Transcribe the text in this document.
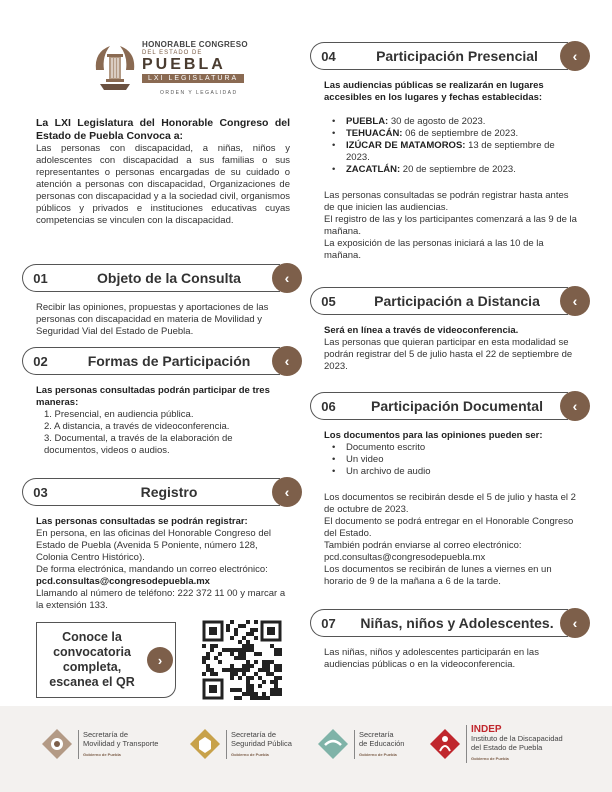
HONORABLE CONGRESO
DEL ESTADO DE
PUEBLA
LXI LEGISLATURA
ORDEN Y LEGALIDAD
La LXI Legislatura del Honorable Congreso del Estado de Puebla Convoca a:
Las personas con discapacidad, a niñas, niños y adolescentes con discapacidad a sus familias o sus representantes o personas encargadas de su cuidado o atención a personas con discapacidad, Organizaciones de personas con discapacidad y a la sociedad civil, organismos públicos y privados e instituciones educativas cuyas competencias se vinculen con la discapacidad.
01	Objeto de la Consulta	‹

Recibir las opiniones, propuestas y aportaciones de las personas con discapacidad en materia de Movilidad y Seguridad Vial del Estado de Puebla.

02	Formas de Participación	‹

Las personas consultadas podrán participar de tres maneras:

1. Presencial, en audiencia pública.
2. A distancia, a través de videoconferencia.
3. Documental, a través de la elaboración de documentos, videos o audios.
03	Registro	‹

Las personas consultadas se podrán registrar:

En persona, en las oficinas del Honorable Congreso del Estado de Puebla (Avenida 5 Poniente, número 128, Colonia Centro Histórico).

De forma electrónica, mandando un correo electrónico: pcd.consultas@congresodepuebla.mx

Llamando al número de teléfono: 222 372 11 00 y marcar a la extensión 133.

Conoce la convocatoria completa, escanea el QR
›
04	Participación Presencial	‹

Las audiencias públicas se realizarán en lugares accesibles en los lugares y fechas establecidas:

• PUEBLA: 30 de agosto de 2023.
• TEHUACÁN: 06 de septiembre de 2023.
• IZÚCAR DE MATAMOROS: 13 de septiembre de 2023.
• ZACATLÁN: 20 de septiembre de 2023.

Las personas consultadas se podrán registrar hasta antes de que inicien las audiencias.

El registro de las y los participantes comenzará a las 9 de la mañana.

La exposición de las personas iniciará a las 10 de la mañana.

05	Participación a Distancia	‹

Será en línea a través de videoconferencia.

Las personas que quieran participar en esta modalidad se podrán registrar del 5 de julio hasta el 22 de septiembre de 2023.

06	Participación Documental	‹

Los documentos para las opiniones pueden ser:

• Documento escrito
• Un video
• Un archivo de audio

Los documentos se recibirán desde el 5 de julio y hasta el 2 de octubre de 2023.

El documento se podrá entregar en el Honorable Congreso del Estado.

También podrán enviarse al correo electrónico:

pcd.consultas@congresodepuebla.mx

Los documentos se recibirán de lunes a viernes en un horario de 9 de la mañana a 6 de la tarde.

07	Niñas, niños y Adolescentes.	‹

Las niñas, niños y adolescentes participarán en las audiencias públicas o en la videoconferencia.

Secretaría de
Movilidad y Transporte
Gobierno de Puebla
Secretaría de
Seguridad Pública
Gobierno de Puebla
Secretaría
de Educación
Gobierno de Puebla
INDEP
Instituto de la Discapacidad
del Estado de Puebla
Gobierno de Puebla
